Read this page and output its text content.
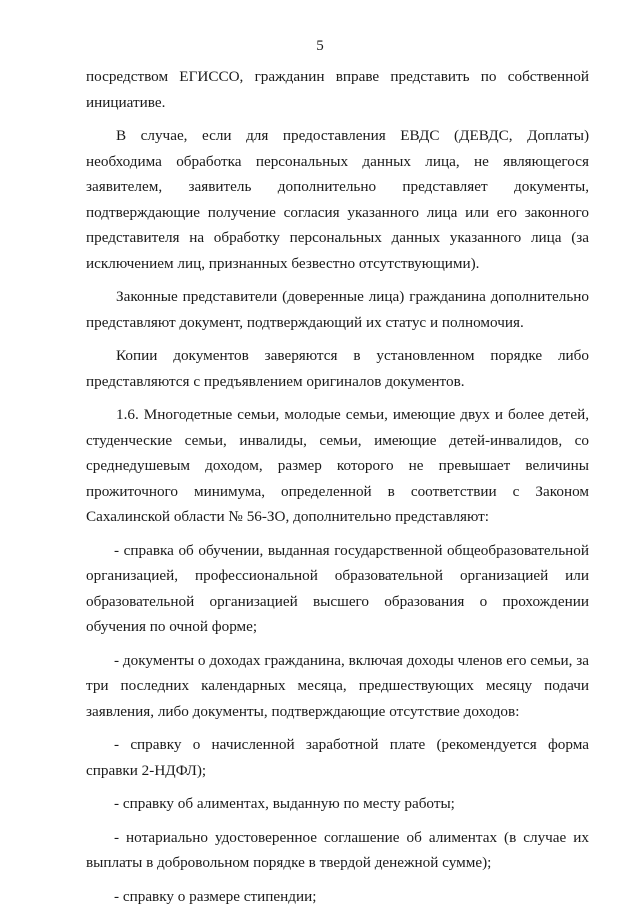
5

посредством ЕГИССО, гражданин вправе представить по собственной инициативе.

В случае, если для предоставления ЕВДС (ДЕВДС, Доплаты) необходима обработка персональных данных лица, не являющегося заявителем, заявитель дополнительно представляет документы, подтверждающие получение согласия указанного лица или его законного представителя на обработку персональных данных указанного лица (за исключением лиц, признанных безвестно отсутствующими).

Законные представители (доверенные лица) гражданина дополнительно представляют документ, подтверждающий их статус и полномочия.

Копии документов заверяются в установленном порядке либо представляются с предъявлением оригиналов документов.

1.6. Многодетные семьи, молодые семьи, имеющие двух и более детей, студенческие семьи, инвалиды, семьи, имеющие детей-инвалидов, со среднедушевым доходом, размер которого не превышает величины прожиточного минимума, определенной в соответствии с Законом Сахалинской области № 56-ЗО, дополнительно представляют:

- справка об обучении, выданная государственной общеобразовательной организацией, профессиональной образовательной организацией или образовательной организацией высшего образования о прохождении обучения по очной форме;

- документы о доходах гражданина, включая доходы членов его семьи, за три последних календарных месяца, предшествующих месяцу подачи заявления, либо документы, подтверждающие отсутствие доходов:

- справку о начисленной заработной плате (рекомендуется форма справки 2-НДФЛ);

- справку об алиментах, выданную по месту работы;

- нотариально удостоверенное соглашение об алиментах (в случае их выплаты в добровольном порядке в твердой денежной сумме);

- справку о размере стипендии;
